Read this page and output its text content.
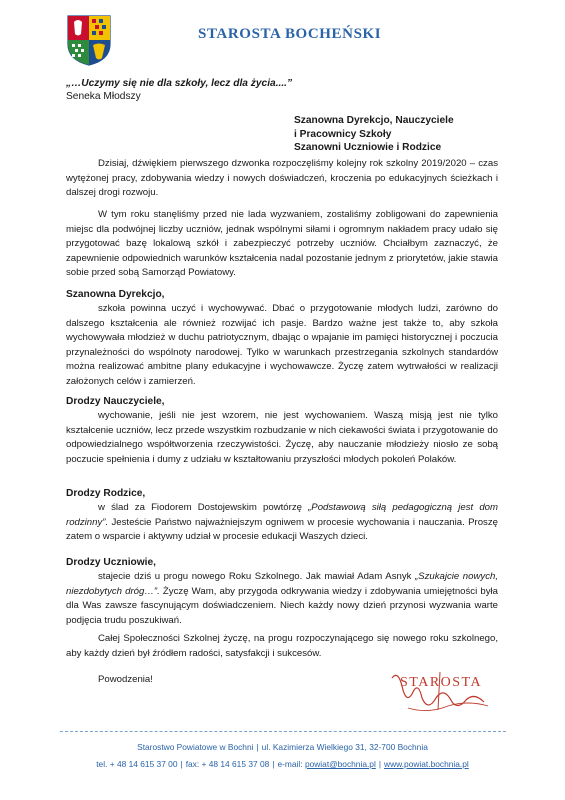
STAROSTA BOCHEŃSKI
„…Uczymy się nie dla szkoły, lecz dla życia....”
Seneka Młodszy
Szanowna Dyrekcjo, Nauczyciele
i Pracownicy Szkoły
Szanowni Uczniowie i Rodzice

Dzisiaj, dźwiękiem pierwszego dzwonka rozpoczęliśmy kolejny rok szkolny 2019/2020 – czas wytężonej pracy, zdobywania wiedzy i nowych doświadczeń, kroczenia po edukacyjnych ścieżkach i dalszej drogi rozwoju.

W tym roku stanęliśmy przed nie lada wyzwaniem, zostaliśmy zobligowani do zapewnienia miejsc dla podwójnej liczby uczniów, jednak wspólnymi siłami i ogromnym nakładem pracy udało się przygotować bazę lokalową szkół i zabezpieczyć potrzeby uczniów. Chciałbym zaznaczyć, że zapewnienie odpowiednich warunków kształcenia nadal pozostanie jednym z priorytetów, jakie stawia sobie przed sobą Samorząd Powiatowy.

Szanowna Dyrekcjo,

szkoła powinna uczyć i wychowywać. Dbać o przygotowanie młodych ludzi, zarówno do dalszego kształcenia ale również rozwijać ich pasje. Bardzo ważne jest także to, aby szkoła wychowywała młodzież w duchu patriotycznym, dbając o wpajanie im pamięci historycznej i poczucia przynależności do wspólnoty narodowej. Tylko w warunkach przestrzegania szkolnych standardów można realizować ambitne plany edukacyjne i wychowawcze. Życzę zatem wytrwałości w realizacji założonych celów i zamierzeń.

Drodzy Nauczyciele,

wychowanie, jeśli nie jest wzorem, nie jest wychowaniem. Waszą misją jest nie tylko kształcenie uczniów, lecz przede wszystkim rozbudzanie w nich ciekawości świata i przygotowanie do odpowiedzialnego współtworzenia rzeczywistości. Życzę, aby nauczanie młodzieży niosło ze sobą poczucie spełnienia i dumy z udziału w kształtowaniu przyszłości młodych pokoleń Polaków.

Drodzy Rodzice,

w ślad za Fiodorem Dostojewskim powtórzę „Podstawową siłą pedagogiczną jest dom rodzinny”. Jesteście Państwo najważniejszym ogniwem w procesie wychowania i nauczania. Proszę zatem o wsparcie i aktywny udział w procesie edukacji Waszych dzieci.

Drodzy Uczniowie,

stajecie dziś u progu nowego Roku Szkolnego. Jak mawiał Adam Asnyk „Szukajcie nowych, niezdobytych dróg…”. Życzę Wam, aby przygoda odkrywania wiedzy i zdobywania umiejętności była dla Was zawsze fascynującym doświadczeniem. Niech każdy nowy dzień przynosi wyzwania warte podjęcia trudu poszukiwań.

Całej Społeczności Szkolnej życzę, na progu rozpoczynającego się nowego roku szkolnego, aby każdy dzień był źródłem radości, satysfakcji i sukcesów.

Powodzenia!	STAROSTA
Starostwo Powiatowe w Bochni | ul. Kazimierza Wielkiego 31, 32-700 Bochnia
tel. + 48 14 615 37 00 | fax: + 48 14 615 37 08 | e-mail: powiat@bochnia.pl | www.powiat.bochnia.pl
